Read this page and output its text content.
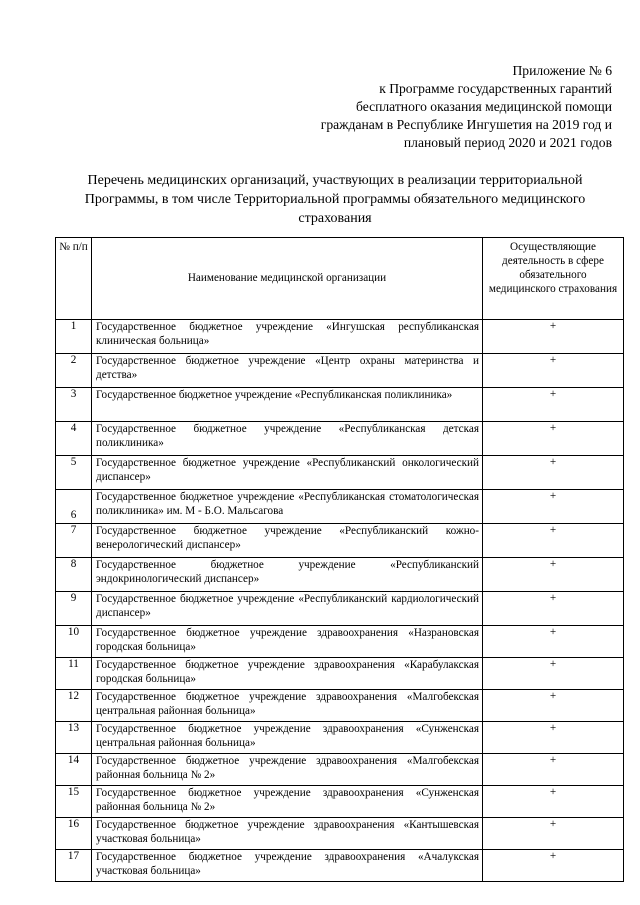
Приложение № 6
к Программе государственных гарантий
бесплатного оказания медицинской помощи
гражданам в Республике Ингушетия на 2019 год и
плановый период 2020 и 2021 годов
Перечень медицинских организаций, участвующих в реализации территориальной
Программы, в том числе Территориальной программы обязательного медицинского
страхования
№ п/п	Наименование медицинской организации	Осуществляющие деятельность в сфере обязательного медицинского страхования
1	Государственное бюджетное учреждение «Ингушская республиканская клиническая больница»	+
2	Государственное бюджетное учреждение «Центр охраны материнства и детства»	+
3	Государственное бюджетное учреждение «Республиканская поликлиника»	+
4	Государственное бюджетное учреждение «Республиканская детская поликлиника»	+
5	Государственное бюджетное учреждение «Республиканский онкологический диспансер»	+
6	Государственное бюджетное учреждение «Республиканская стоматологическая поликлиника» им. М - Б.О. Мальсагова	+
7	Государственное бюджетное учреждение «Республиканский кожно-венерологический диспансер»	+
8	Государственное бюджетное учреждение «Республиканский эндокринологический диспансер»	+
9	Государственное бюджетное учреждение «Республиканский кардиологический диспансер»	+
10	Государственное бюджетное учреждение здравоохранения «Назрановская городская больница»	+
11	Государственное бюджетное учреждение здравоохранения «Карабулакская городская больница»	+
12	Государственное бюджетное учреждение здравоохранения «Малгобекская центральная районная больница»	+
13	Государственное бюджетное учреждение здравоохранения «Сунженская центральная районная больница»	+
14	Государственное бюджетное учреждение здравоохранения «Малгобекская районная больница № 2»	+
15	Государственное бюджетное учреждение здравоохранения «Сунженская районная больница № 2»	+
16	Государственное бюджетное учреждение здравоохранения «Кантышевская участковая больница»	+
17	Государственное бюджетное учреждение здравоохранения «Ачалукская участковая больница»	+
